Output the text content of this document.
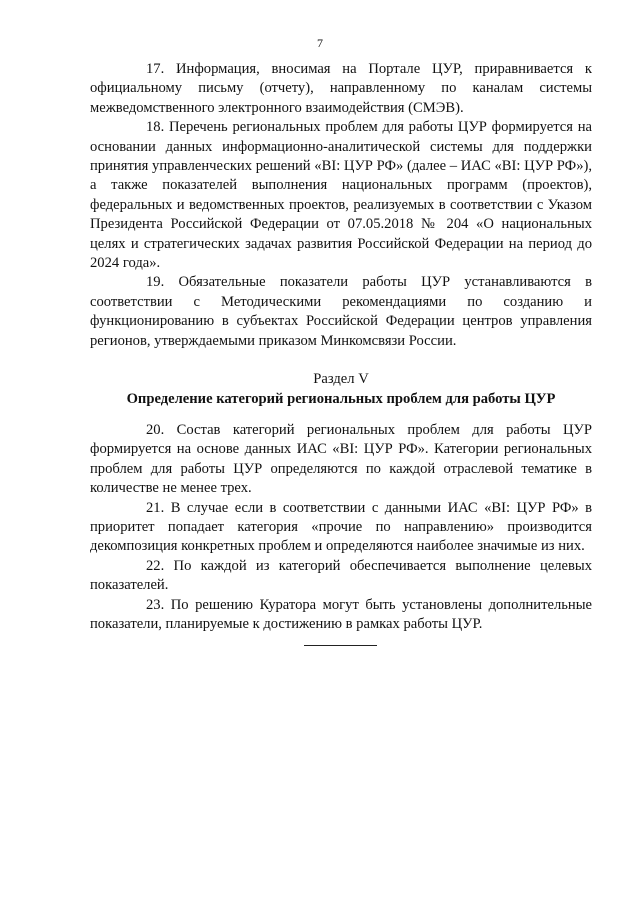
7

17. Информация, вносимая на Портале ЦУР, приравнивается к официальному письму (отчету), направленному по каналам системы межведомственного электронного взаимодействия (СМЭВ).

18. Перечень региональных проблем для работы ЦУР формируется на основании данных информационно-аналитической системы для поддержки принятия управленческих решений «BI: ЦУР РФ» (далее – ИАС «BI: ЦУР РФ»), а также показателей выполнения национальных программ (проектов), федеральных и ведомственных проектов, реализуемых в соответствии с Указом Президента Российской Федерации от 07.05.2018 № 204 «О национальных целях и стратегических задачах развития Российской Федерации на период до 2024 года».

19. Обязательные показатели работы ЦУР устанавливаются в соответствии с Методическими рекомендациями по созданию и функционированию в субъектах Российской Федерации центров управления регионов, утверждаемыми приказом Минкомсвязи России.

Раздел V

Определение категорий региональных проблем для работы ЦУР

20. Состав категорий региональных проблем для работы ЦУР формируется на основе данных ИАС «BI: ЦУР РФ». Категории региональных проблем для работы ЦУР определяются по каждой отраслевой тематике в количестве не менее трех.

21. В случае если в соответствии с данными ИАС «BI: ЦУР РФ» в приоритет попадает категория «прочие по направлению» производится декомпозиция конкретных проблем и определяются наиболее значимые из них.

22. По каждой из категорий обеспечивается выполнение целевых показателей.

23. По решению Куратора могут быть установлены дополнительные показатели, планируемые к достижению в рамках работы ЦУР.
